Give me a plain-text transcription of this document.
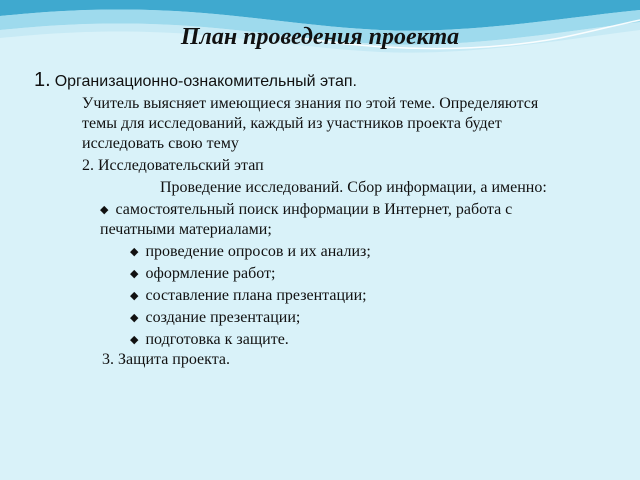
План проведения проекта
1. Организационно-ознакомительный этап.
Учитель выясняет имеющиеся знания по этой теме. Определяются
темы для исследований, каждый из участников проекта будет
исследовать свою тему
2. Исследовательский этап
Проведение исследований. Сбор информации, а именно:
◆ самостоятельный поиск информации в Интернет, работа с
печатными материалами;
◆ проведение опросов и их анализ;
◆ оформление работ;
◆ составление плана презентации;
◆ создание презентации;
◆ подготовка к защите.
3. Защита проекта.
